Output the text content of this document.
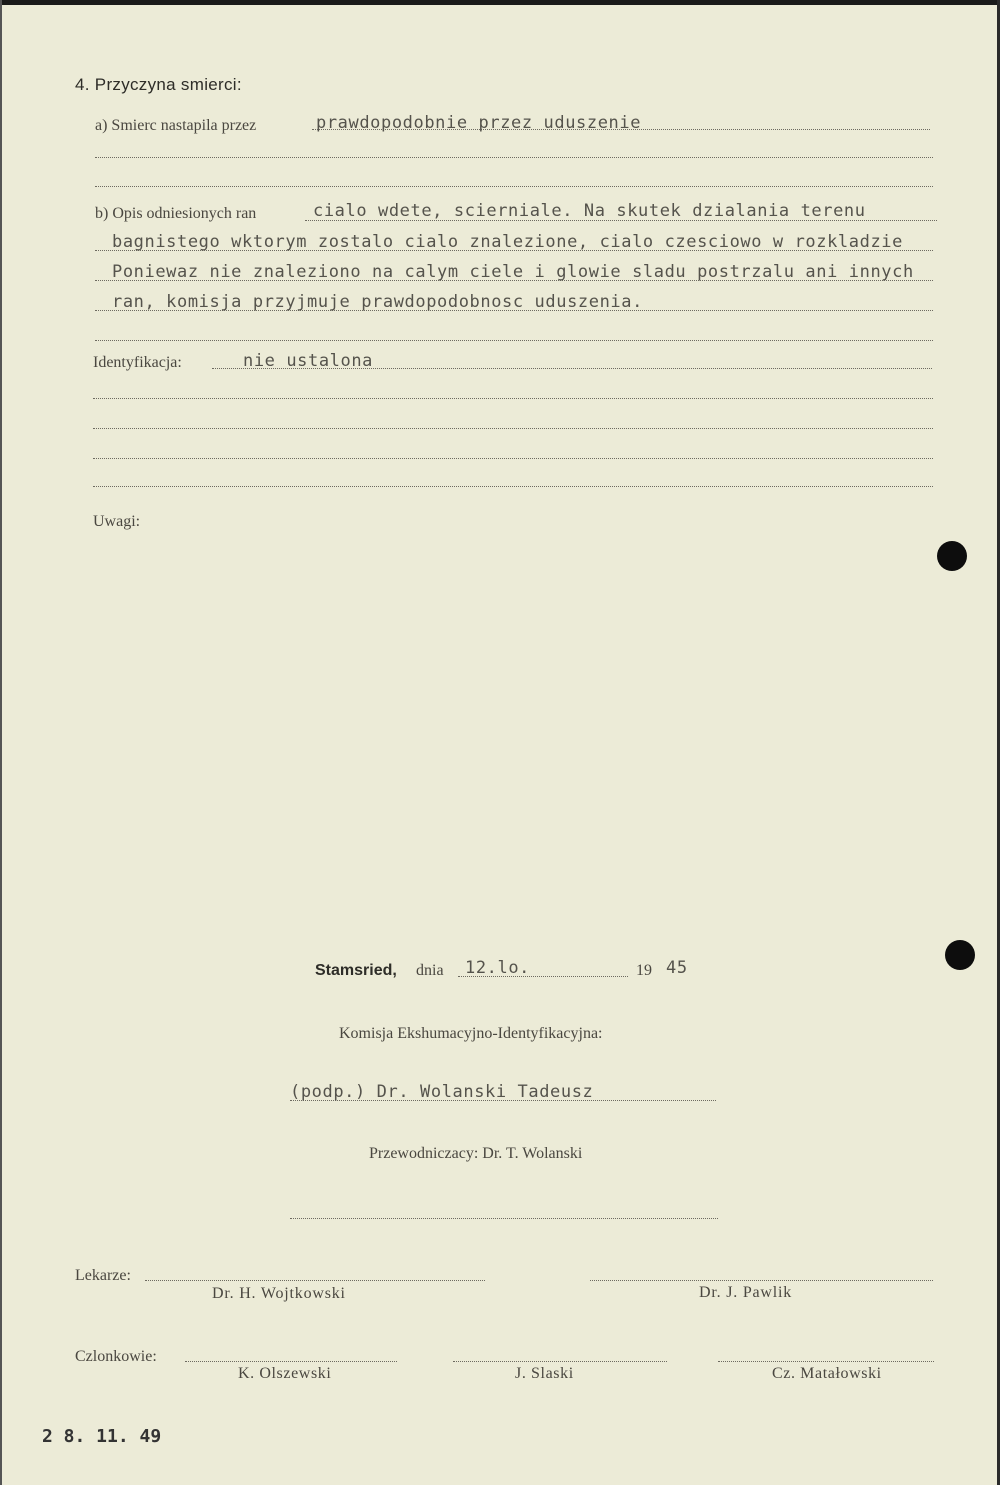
4. Przyczyna smierci:
a) Smierc nastapila przez	prawdopodobnie przez uduszenie
b) Opis odniesionych ran	cialo wdete, scierniale. Na skutek dzialania terenu
bagnistego wktorym zostalo cialo znalezione, cialo czesciowo w rozkladzie
Poniewaz nie znaleziono na calym ciele i glowie sladu postrzalu ani innych
ran, komisja przyjmuje prawdopodobnosc uduszenia.
Identyfikacja:	nie ustalona
Uwagi:
Stamsried, dnia 12.lo.	19 45
Komisja Ekshumacyjno-Identyfikacyjna:
(podp.) Dr. Wolanski Tadeusz
Przewodniczacy: Dr. T. Wolanski
Lekarze:
Dr. H. Wojtkowski	Dr. J. Pawlik
Czlonkowie:
K. Olszewski	J. Slaski	Cz. Matałowski
2 8. 11. 49
